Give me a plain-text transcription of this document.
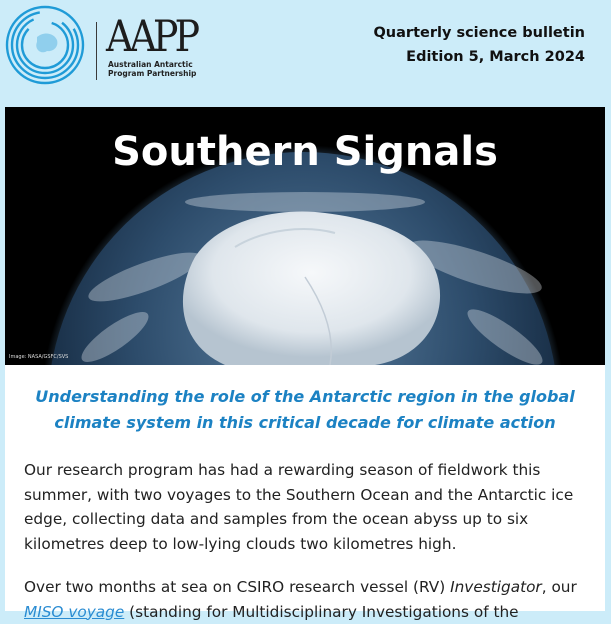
AAPP
Australian Antarctic
Program Partnership
Quarterly science bulletin
Edition 5, March 2024
Southern Signals
Image: NASA/GSFC/SVS
Understanding the role of the Antarctic region in the global
climate system in this critical decade for climate action
Our research program has had a rewarding season of fieldwork this
summer, with two voyages to the Southern Ocean and the Antarctic ice
edge, collecting data and samples from the ocean abyss up to six
kilometres deep to low-lying clouds two kilometres high.
Over two months at sea on CSIRO research vessel (RV) Investigator, our
MISO voyage (standing for Multidisciplinary Investigations of the
